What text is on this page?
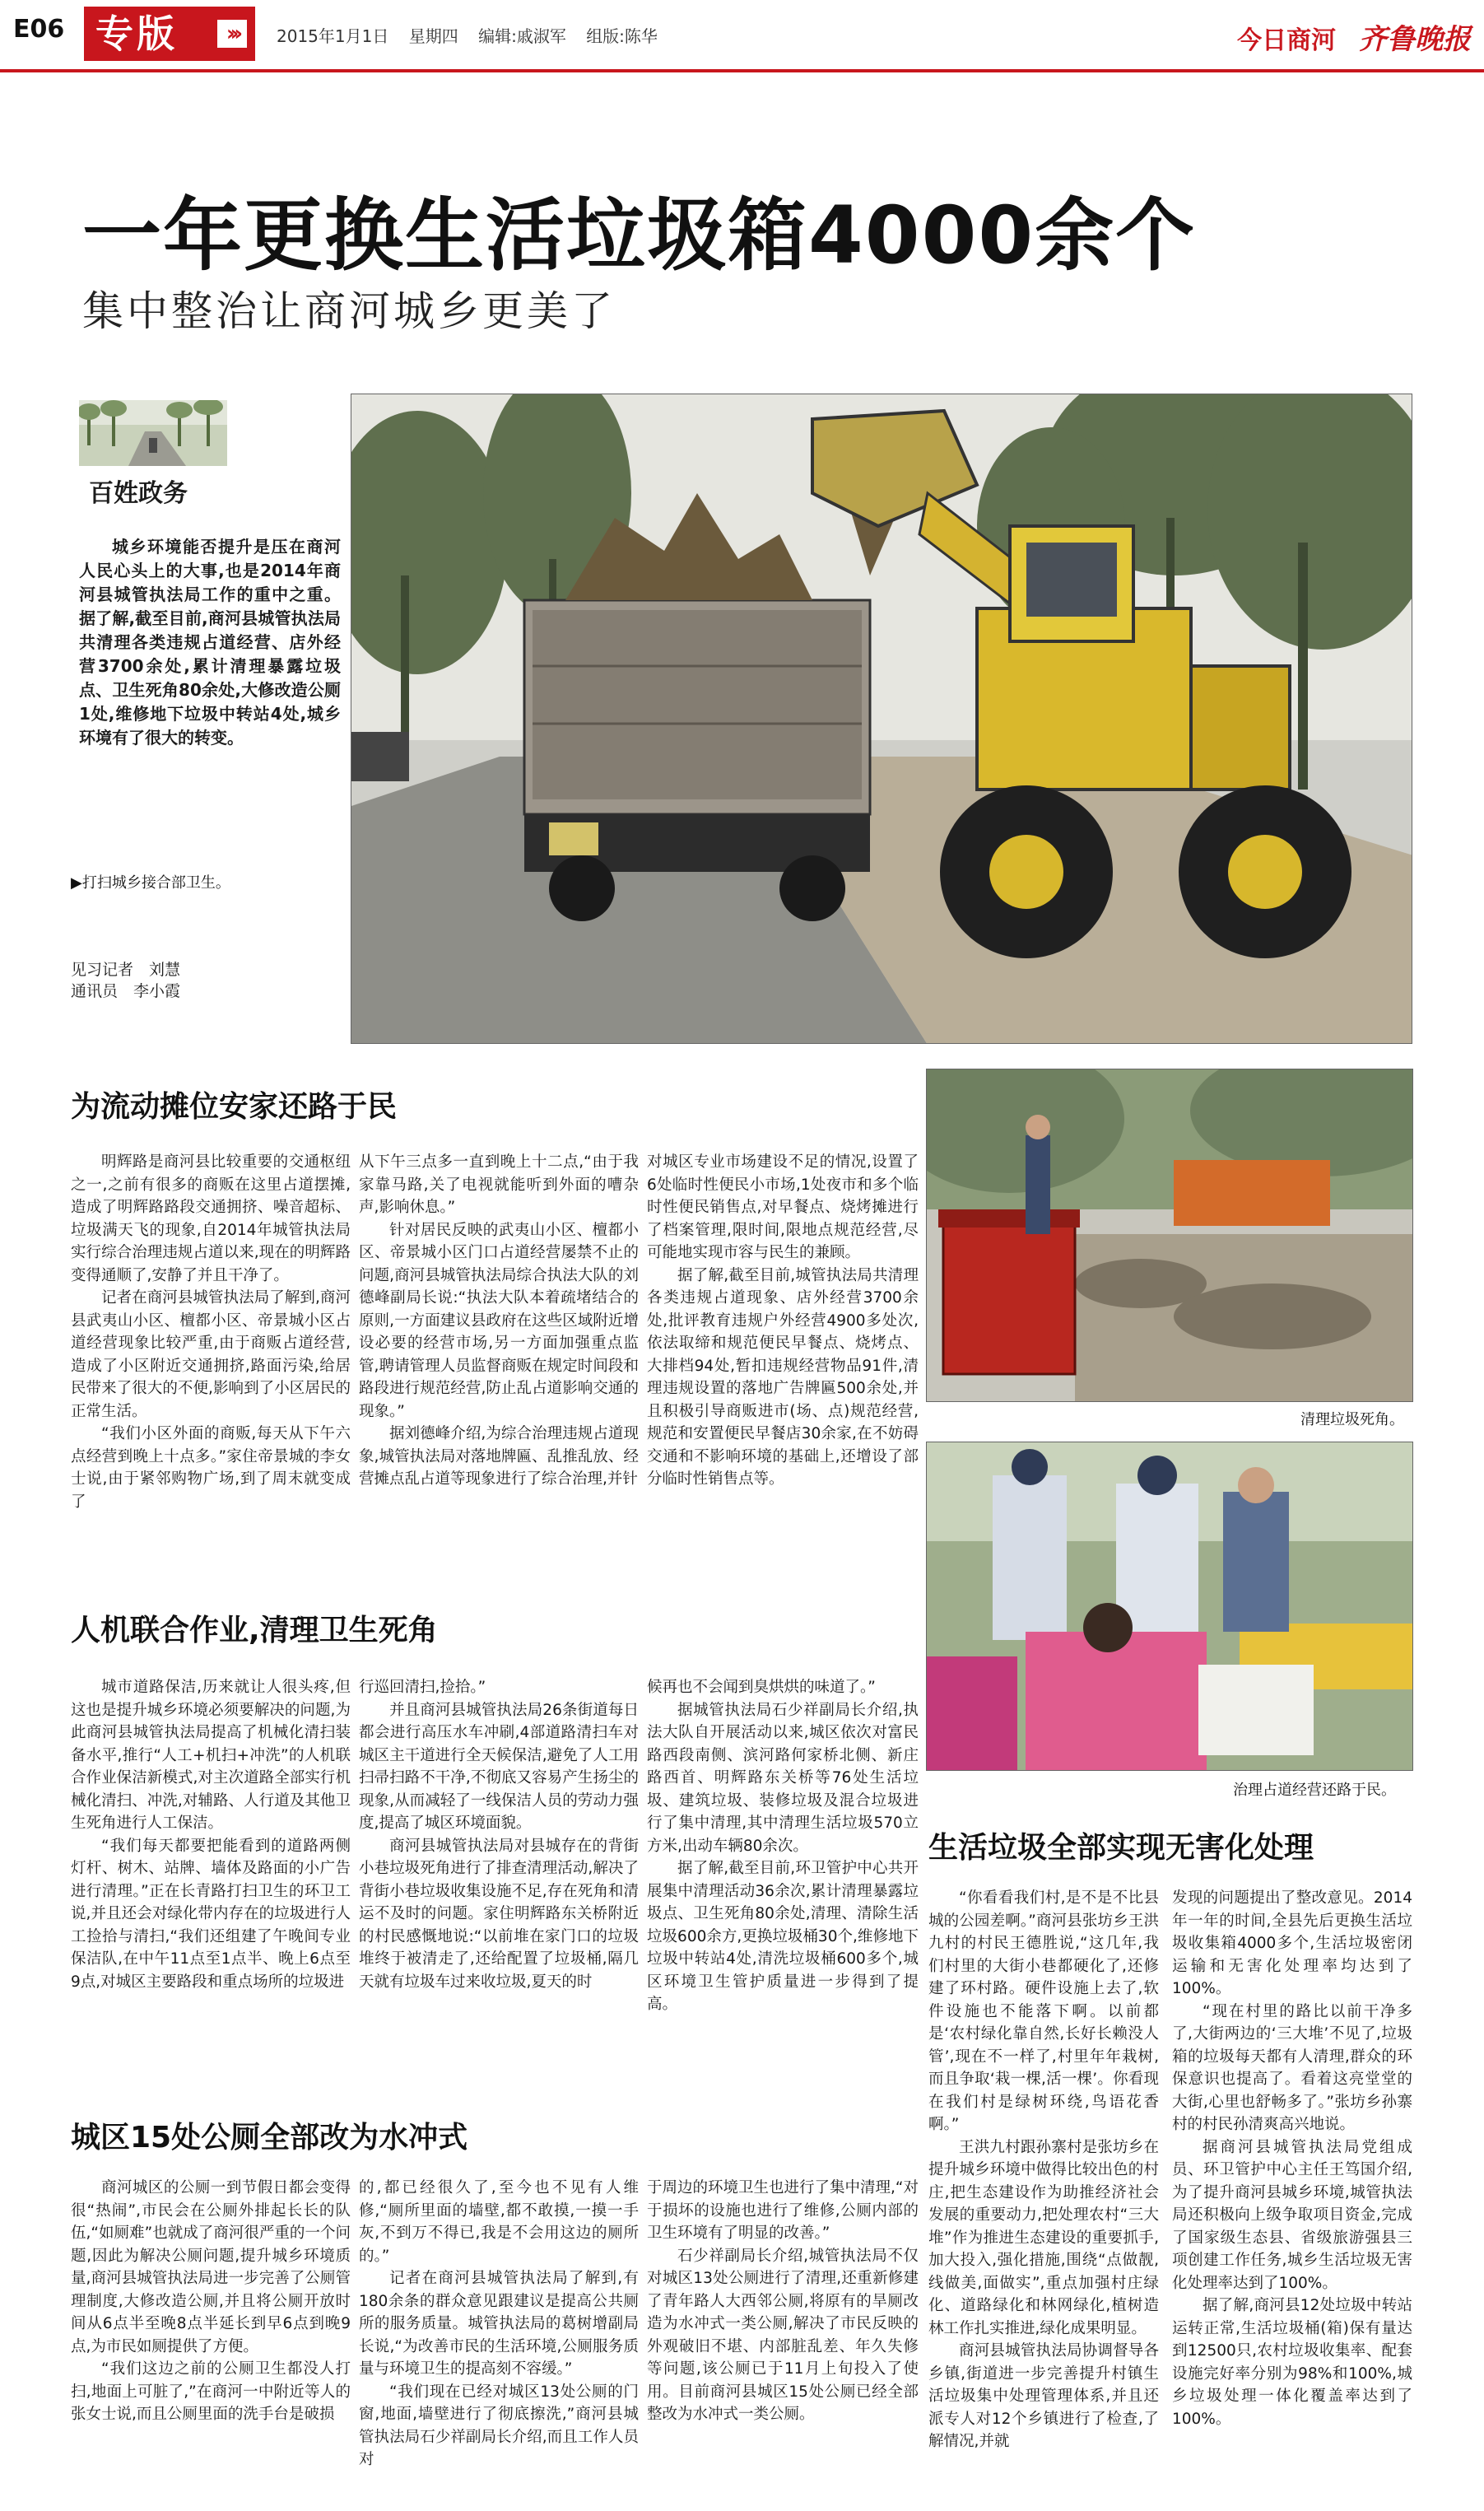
E06 专版	›››	2015年1月1日 星期四 编辑:戚淑军 组版:陈华	今日商河 齐鲁晚报
一年更换生活垃圾箱4000余个
集中整治让商河城乡更美了
百姓政务
城乡环境能否提升是压在商河人民心头上的大事,也是2014年商河县城管执法局工作的重中之重。据了解,截至目前,商河县城管执法局共清理各类违规占道经营、店外经营3700余处,累计清理暴露垃圾点、卫生死角80余处,大修改造公厕1处,维修地下垃圾中转站4处,城乡环境有了很大的转变。
▶打扫城乡接合部卫生。
见习记者　刘慧
通讯员　李小霞
为流动摊位安家还路于民

明辉路是商河县比较重要的交通枢纽之一,之前有很多的商贩在这里占道摆摊,造成了明辉路路段交通拥挤、噪音超标、垃圾满天飞的现象,自2014年城管执法局实行综合治理违规占道以来,现在的明辉路变得通顺了,安静了并且干净了。

记者在商河县城管执法局了解到,商河县武夷山小区、檀都小区、帝景城小区占道经营现象比较严重,由于商贩占道经营,造成了小区附近交通拥挤,路面污染,给居民带来了很大的不便,影响到了小区居民的正常生活。

“我们小区外面的商贩,每天从下午六点经营到晚上十点多。”家住帝景城的李女士说,由于紧邻购物广场,到了周末就变成了

从下午三点多一直到晚上十二点,“由于我家靠马路,关了电视就能听到外面的嘈杂声,影响休息。”

针对居民反映的武夷山小区、檀都小区、帝景城小区门口占道经营屡禁不止的问题,商河县城管执法局综合执法大队的刘德峰副局长说:“执法大队本着疏堵结合的原则,一方面建议县政府在这些区域附近增设必要的经营市场,另一方面加强重点监管,聘请管理人员监督商贩在规定时间段和路段进行规范经营,防止乱占道影响交通的现象。”

据刘德峰介绍,为综合治理违规占道现象,城管执法局对落地牌匾、乱推乱放、经营摊点乱占道等现象进行了综合治理,并针

对城区专业市场建设不足的情况,设置了6处临时性便民小市场,1处夜市和多个临时性便民销售点,对早餐点、烧烤摊进行了档案管理,限时间,限地点规范经营,尽可能地实现市容与民生的兼顾。

据了解,截至目前,城管执法局共清理各类违规占道现象、店外经营3700余处,批评教育违规户外经营4900多处次,依法取缔和规范便民早餐点、烧烤点、大排档94处,暂扣违规经营物品91件,清理违规设置的落地广告牌匾500余处,并且积极引导商贩进市(场、点)规范经营,规范和安置便民早餐店30余家,在不妨碍交通和不影响环境的基础上,还增设了部分临时性销售点等。

清理垃圾死角。
治理占道经营还路于民。
人机联合作业,清理卫生死角

城市道路保洁,历来就让人很头疼,但这也是提升城乡环境必须要解决的问题,为此商河县城管执法局提高了机械化清扫装备水平,推行“人工+机扫+冲洗”的人机联合作业保洁新模式,对主次道路全部实行机械化清扫、冲洗,对辅路、人行道及其他卫生死角进行人工保洁。

“我们每天都要把能看到的道路两侧灯杆、树木、站牌、墙体及路面的小广告进行清理。”正在长青路打扫卫生的环卫工说,并且还会对绿化带内存在的垃圾进行人工捡拾与清扫,“我们还组建了午晚间专业保洁队,在中午11点至1点半、晚上6点至9点,对城区主要路段和重点场所的垃圾进

行巡回清扫,捡拾。”

并且商河县城管执法局26条街道每日都会进行高压水车冲刷,4部道路清扫车对城区主干道进行全天候保洁,避免了人工用扫帚扫路不干净,不彻底又容易产生扬尘的现象,从而减轻了一线保洁人员的劳动力强度,提高了城区环境面貌。

商河县城管执法局对县城存在的背街小巷垃圾死角进行了排查清理活动,解决了背街小巷垃圾收集设施不足,存在死角和清运不及时的问题。家住明辉路东关桥附近的村民感慨地说:“以前堆在家门口的垃圾堆终于被清走了,还给配置了垃圾桶,隔几天就有垃圾车过来收垃圾,夏天的时

候再也不会闻到臭烘烘的味道了。”

据城管执法局石少祥副局长介绍,执法大队自开展活动以来,城区依次对富民路西段南侧、滨河路何家桥北侧、新庄路西首、明辉路东关桥等76处生活垃圾、建筑垃圾、装修垃圾及混合垃圾进行了集中清理,其中清理生活垃圾570立方米,出动车辆80余次。

据了解,截至目前,环卫管护中心共开展集中清理活动36余次,累计清理暴露垃圾点、卫生死角80余处,清理、清除生活垃圾600余方,更换垃圾桶30个,维修地下垃圾中转站4处,清洗垃圾桶600多个,城区环境卫生管护质量进一步得到了提高。

生活垃圾全部实现无害化处理

“你看看我们村,是不是不比县城的公园差啊。”商河县张坊乡王洪九村的村民王德胜说,“这几年,我们村里的大街小巷都硬化了,还修建了环村路。硬件设施上去了,软件设施也不能落下啊。以前都是‘农村绿化靠自然,长好长赖没人管’,现在不一样了,村里年年栽树,而且争取‘栽一棵,活一棵’。你看现在我们村是绿树环绕,鸟语花香啊。”

王洪九村跟孙寨村是张坊乡在提升城乡环境中做得比较出色的村庄,把生态建设作为助推经济社会发展的重要动力,把处理农村“三大堆”作为推进生态建设的重要抓手,加大投入,强化措施,围绕“点做靓,线做美,面做实”,重点加强村庄绿化、道路绿化和林网绿化,植树造林工作扎实推进,绿化成果明显。

商河县城管执法局协调督导各乡镇,街道进一步完善提升村镇生活垃圾集中处理管理体系,并且还派专人对12个乡镇进行了检查,了解情况,并就

发现的问题提出了整改意见。2014年一年的时间,全县先后更换生活垃圾收集箱4000多个,生活垃圾密闭运输和无害化处理率均达到了100%。

“现在村里的路比以前干净多了,大街两边的‘三大堆’不见了,垃圾箱的垃圾每天都有人清理,群众的环保意识也提高了。看着这亮堂堂的大街,心里也舒畅多了。”张坊乡孙寨村的村民孙清爽高兴地说。

据商河县城管执法局党组成员、环卫管护中心主任王笃国介绍,为了提升商河县城乡环境,城管执法局还积极向上级争取项目资金,完成了国家级生态县、省级旅游强县三项创建工作任务,城乡生活垃圾无害化处理率达到了100%。

据了解,商河县12处垃圾中转站运转正常,生活垃圾桶(箱)保有量达到12500只,农村垃圾收集率、配套设施完好率分别为98%和100%,城乡垃圾处理一体化覆盖率达到了100%。

城区15处公厕全部改为水冲式

商河城区的公厕一到节假日都会变得很“热闹”,市民会在公厕外排起长长的队伍,“如厕难”也就成了商河很严重的一个问题,因此为解决公厕问题,提升城乡环境质量,商河县城管执法局进一步完善了公厕管理制度,大修改造公厕,并且将公厕开放时间从6点半至晚8点半延长到早6点到晚9点,为市民如厕提供了方便。

“我们这边之前的公厕卫生都没人打扫,地面上可脏了,”在商河一中附近等人的张女士说,而且公厕里面的洗手台是破损

的,都已经很久了,至今也不见有人维修,“厕所里面的墙壁,都不敢摸,一摸一手灰,不到万不得已,我是不会用这边的厕所的。”

记者在商河县城管执法局了解到,有180余条的群众意见跟建议是提高公共厕所的服务质量。城管执法局的葛树增副局长说,“为改善市民的生活环境,公厕服务质量与环境卫生的提高刻不容缓。”

“我们现在已经对城区13处公厕的门窗,地面,墙壁进行了彻底擦洗,”商河县城管执法局石少祥副局长介绍,而且工作人员对

于周边的环境卫生也进行了集中清理,“对于损坏的设施也进行了维修,公厕内部的卫生环境有了明显的改善。”

石少祥副局长介绍,城管执法局不仅对城区13处公厕进行了清理,还重新修建了青年路人大西邻公厕,将原有的旱厕改造为水冲式一类公厕,解决了市民反映的外观破旧不堪、内部脏乱差、年久失修等问题,该公厕已于11月上旬投入了使用。目前商河县城区15处公厕已经全部整改为水冲式一类公厕。
